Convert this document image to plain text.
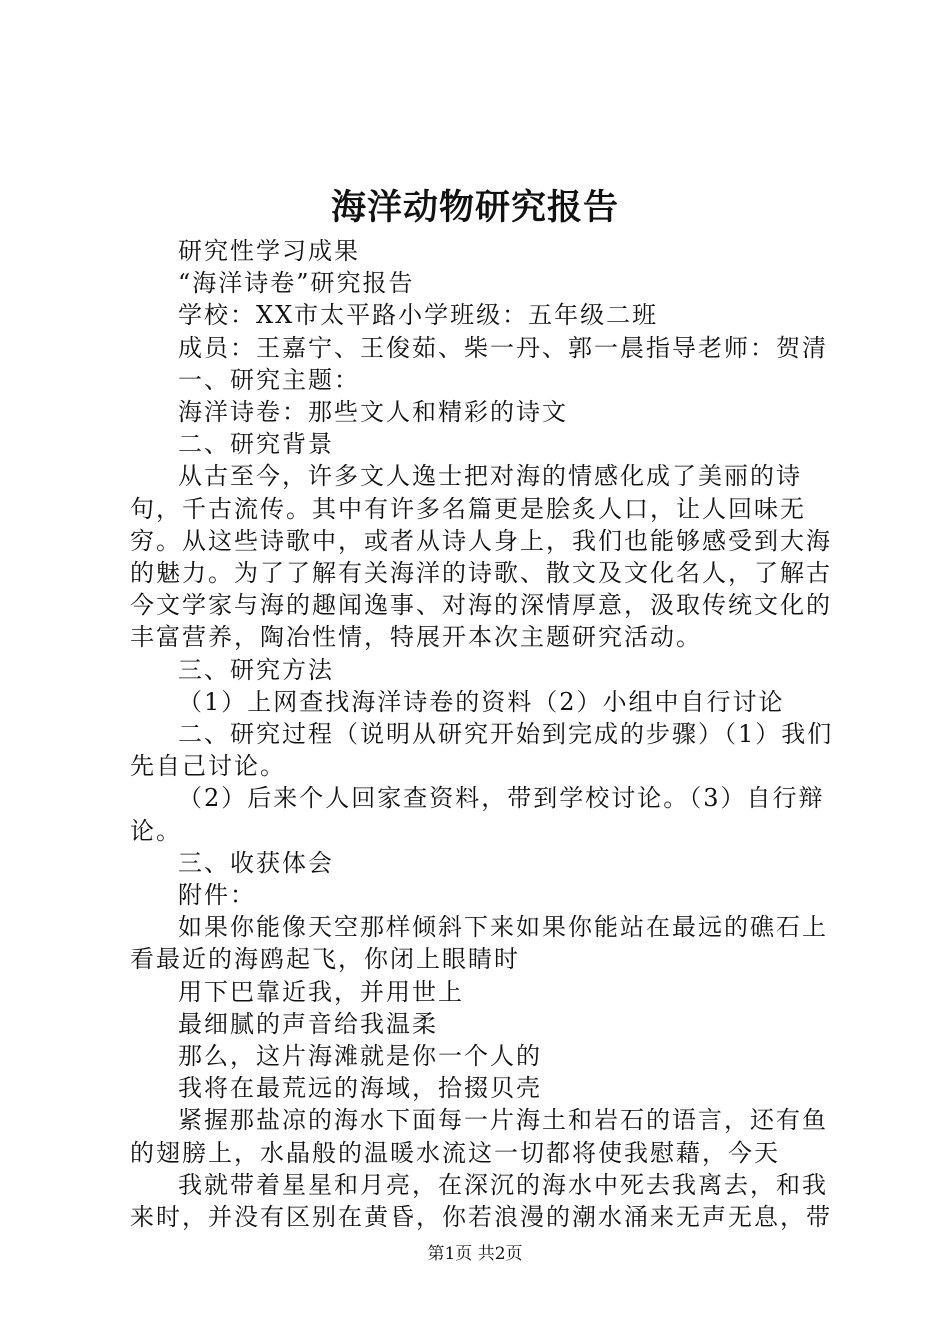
海洋动物研究报告

研究性学习成果

“海洋诗卷”研究报告

学校：XX市太平路小学班级：五年级二班

成员：王嘉宁、王俊茹、柴一丹、郭一晨指导老师：贺清

一、研究主题：

海洋诗卷：那些文人和精彩的诗文

二、研究背景

从古至今，许多文人逸士把对海的情感化成了美丽的诗句，千古流传。其中有许多名篇更是脍炙人口，让人回味无穷。从这些诗歌中，或者从诗人身上，我们也能够感受到大海的魅力。为了了解有关海洋的诗歌、散文及文化名人，了解古今文学家与海的趣闻逸事、对海的深情厚意，汲取传统文化的丰富营养，陶冶性情，特展开本次主题研究活动。

三、研究方法

（1）上网查找海洋诗卷的资料（2）小组中自行讨论

二、研究过程（说明从研究开始到完成的步骤）（1）我们先自己讨论。

（2）后来个人回家查资料，带到学校讨论。（3）自行辩论。

三、收获体会

附件：

如果你能像天空那样倾斜下来如果你能站在最远的礁石上看最近的海鸥起飞，你闭上眼睛时

用下巴靠近我，并用世上

最细腻的声音给我温柔

那么，这片海滩就是你一个人的

我将在最荒远的海域，拾掇贝壳

紧握那盐凉的海水下面每一片海土和岩石的语言，还有鱼的翅膀上，水晶般的温暖水流这一切都将使我慰藉，今天

我就带着星星和月亮，在深沉的海水中死去我离去，和我来时，并没有区别在黄昏，你若浪漫的潮水涌来无声无息，带

第1页 共2页
